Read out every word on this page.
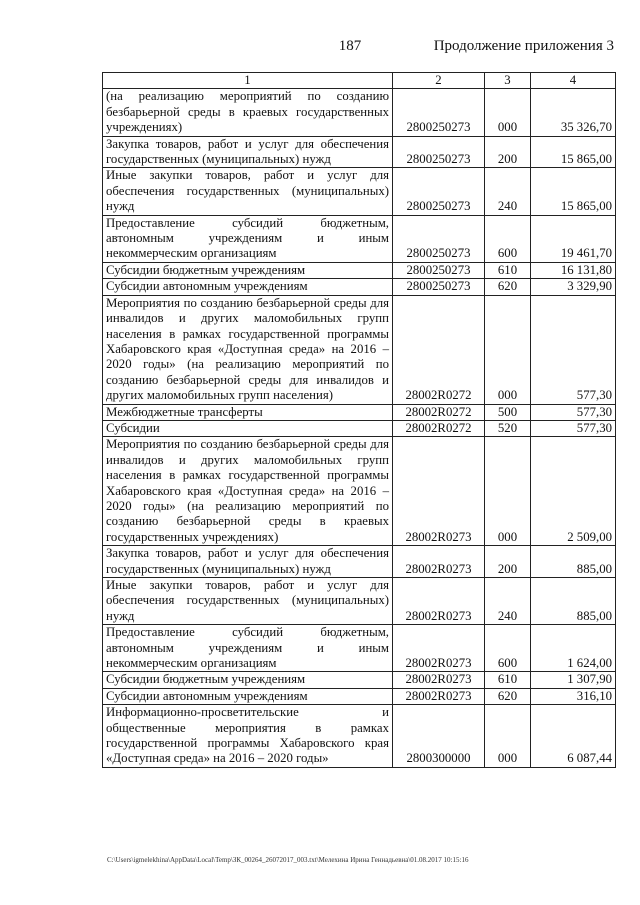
187	Продолжение приложения 3
1	2	3	4
(на реализацию мероприятий по созданию безбарьерной среды в краевых государственных учреждениях)	2800250273	000	35 326,70
Закупка товаров, работ и услуг для обеспечения государственных (муниципальных) нужд	2800250273	200	15 865,00
Иные закупки товаров, работ и услуг для обеспечения государственных (муниципальных) нужд	2800250273	240	15 865,00
Предоставление субсидий бюджетным, автономным учреждениям и иным некоммерческим организациям	2800250273	600	19 461,70
Субсидии бюджетным учреждениям	2800250273	610	16 131,80
Субсидии автономным учреждениям	2800250273	620	3 329,90
Мероприятия по созданию безбарьерной среды для инвалидов и других маломобильных групп населения в рамках государственной программы Хабаровского края «Доступная среда» на 2016 – 2020 годы» (на реализацию мероприятий по созданию безбарьерной среды для инвалидов и других маломобильных групп населения)	28002R0272	000	577,30
Межбюджетные трансферты	28002R0272	500	577,30
Субсидии	28002R0272	520	577,30
Мероприятия по созданию безбарьерной среды для инвалидов и других маломобильных групп населения в рамках государственной программы Хабаровского края «Доступная среда» на 2016 – 2020 годы» (на реализацию мероприятий по созданию безбарьерной среды в краевых государственных учреждениях)	28002R0273	000	2 509,00
Закупка товаров, работ и услуг для обеспечения государственных (муниципальных) нужд	28002R0273	200	885,00
Иные закупки товаров, работ и услуг для обеспечения государственных (муниципальных) нужд	28002R0273	240	885,00
Предоставление субсидий бюджетным, автономным учреждениям и иным некоммерческим организациям	28002R0273	600	1 624,00
Субсидии бюджетным учреждениям	28002R0273	610	1 307,90
Субсидии автономным учреждениям	28002R0273	620	316,10
Информационно-просветительские и общественные мероприятия в рамках государственной программы Хабаровского края «Доступная среда» на 2016 – 2020 годы»	2800300000	000	6 087,44
C:\Users\igmelekhina\AppData\Local\Temp\ЗК_00264_26072017_003.txt\Мелехина Ирина Геннадьевна\01.08.2017 10:15:16
